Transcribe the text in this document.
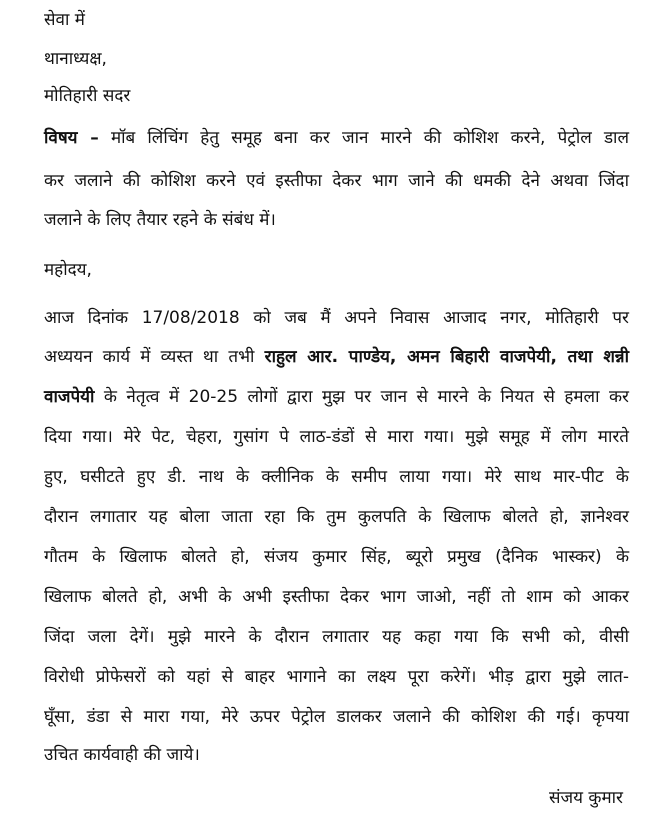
सेवा में
थानाध्यक्ष,
मोतिहारी सदर
विषय – मॉब लिंचिंग हेतु समूह बना कर जान मारने की कोशिश करने, पेट्रोल डाल
कर जलाने की कोशिश करने एवं इस्तीफा देकर भाग जाने की धमकी देने अथवा जिंदा
जलाने के लिए तैयार रहने के संबंध में।
महोदय,
आज दिनांक 17/08/2018 को जब मैं अपने निवास आजाद नगर, मोतिहारी पर
अध्ययन कार्य में व्यस्त था तभी राहुल आर. पाण्डेय, अमन बिहारी वाजपेयी, तथा शन्नी
वाजपेयी के नेतृत्व में 20-25 लोगों द्वारा मुझ पर जान से मारने के नियत से हमला कर
दिया गया। मेरे पेट, चेहरा, गुसांग पे लाठ-डंडों से मारा गया। मुझे समूह में लोग मारते
हुए, घसीटते हुए डी. नाथ के क्लीनिक के समीप लाया गया। मेरे साथ मार-पीट के
दौरान लगातार यह बोला जाता रहा कि तुम कुलपति के खिलाफ बोलते हो, ज्ञानेश्वर
गौतम के खिलाफ बोलते हो, संजय कुमार सिंह, ब्यूरो प्रमुख (दैनिक भास्कर) के
खिलाफ बोलते हो, अभी के अभी इस्तीफा देकर भाग जाओ, नहीं तो शाम को आकर
जिंदा जला देगें। मुझे मारने के दौरान लगातार यह कहा गया कि सभी को, वीसी
विरोधी प्रोफेसरों को यहां से बाहर भागाने का लक्ष्य पूरा करेगें। भीड़ द्वारा मुझे लात-
घूँसा, डंडा से मारा गया, मेरे ऊपर पेट्रोल डालकर जलाने की कोशिश की गई। कृपया
उचित कार्यवाही की जाये।
संजय कुमार
